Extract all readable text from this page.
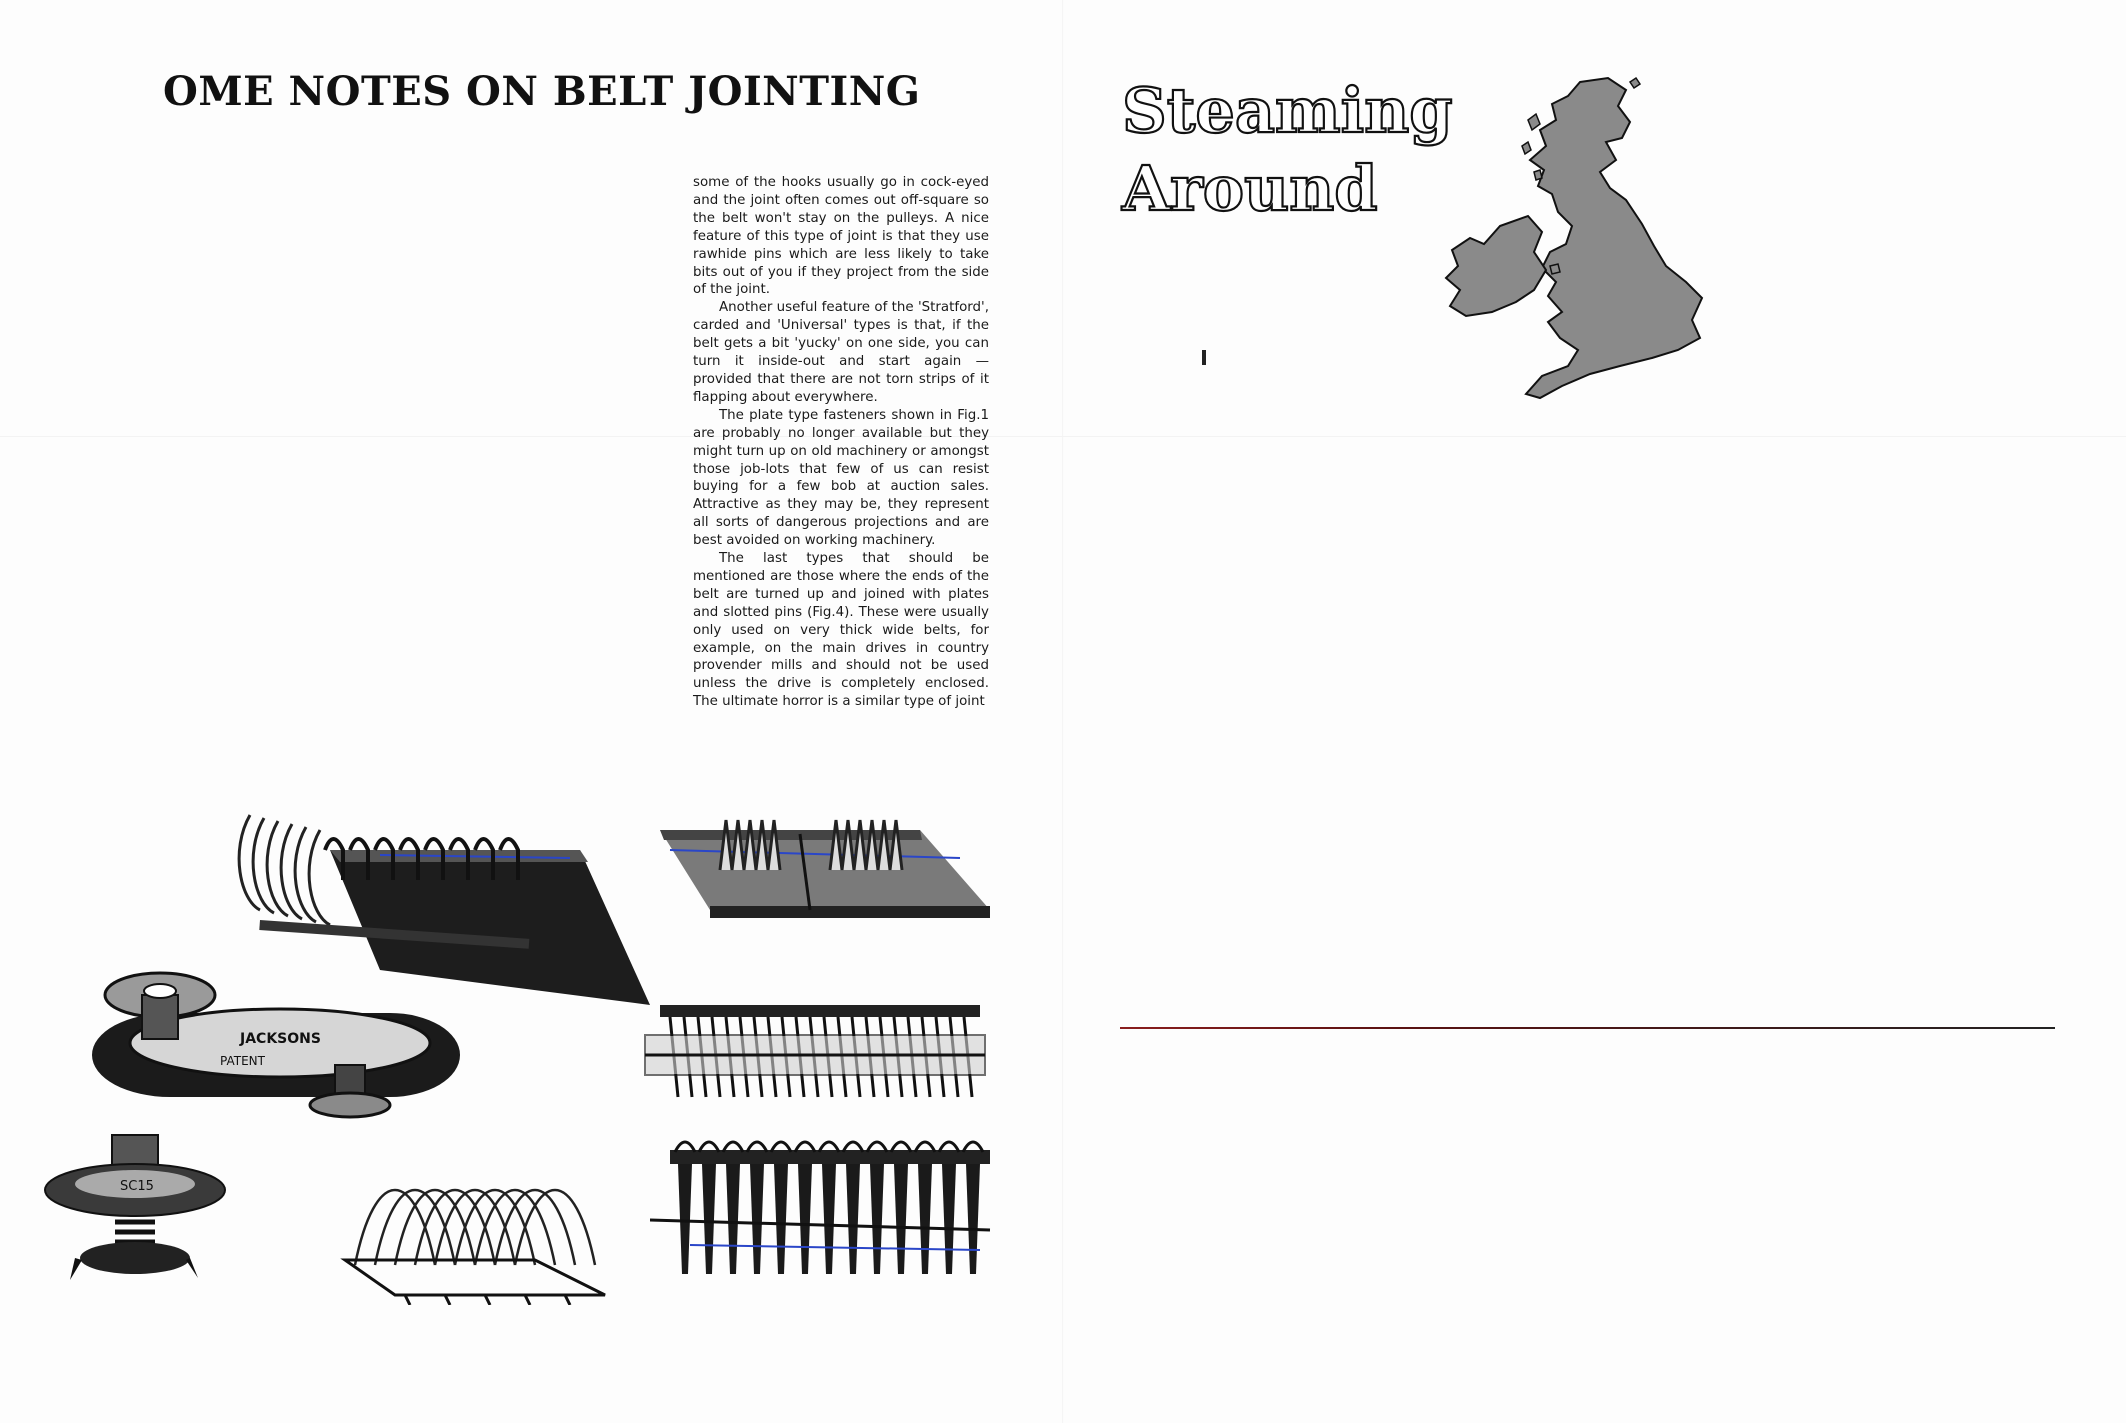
OME NOTES ON BELT JOINTING

some of the hooks usually go in cock-eyed and the joint often comes out off-square so the belt won't stay on the pulleys. A nice feature of this type of joint is that they use rawhide pins which are less likely to take bits out of you if they project from the side of the joint.

Another useful feature of the 'Stratford', carded and 'Universal' types is that, if the belt gets a bit 'yucky' on one side, you can turn it inside-out and start again — provided that there are not torn strips of it flapping about everywhere.

The plate type fasteners shown in Fig.1 are probably no longer available but they might turn up on old machinery or amongst those job-lots that few of us can resist buying for a few bob at auction sales. Attractive as they may be, they represent all sorts of dangerous projections and are best avoided on working machinery.

The last types that should be mentioned are those where the ends of the belt are turned up and joined with plates and slotted pins (Fig.4). These were usually only used on very thick wide belts, for example, on the main drives in country provender mills and should not be used unless the drive is completely enclosed. The ultimate horror is a similar type of joint

JACKSONS
PATENT
SC15
Steaming
Around
